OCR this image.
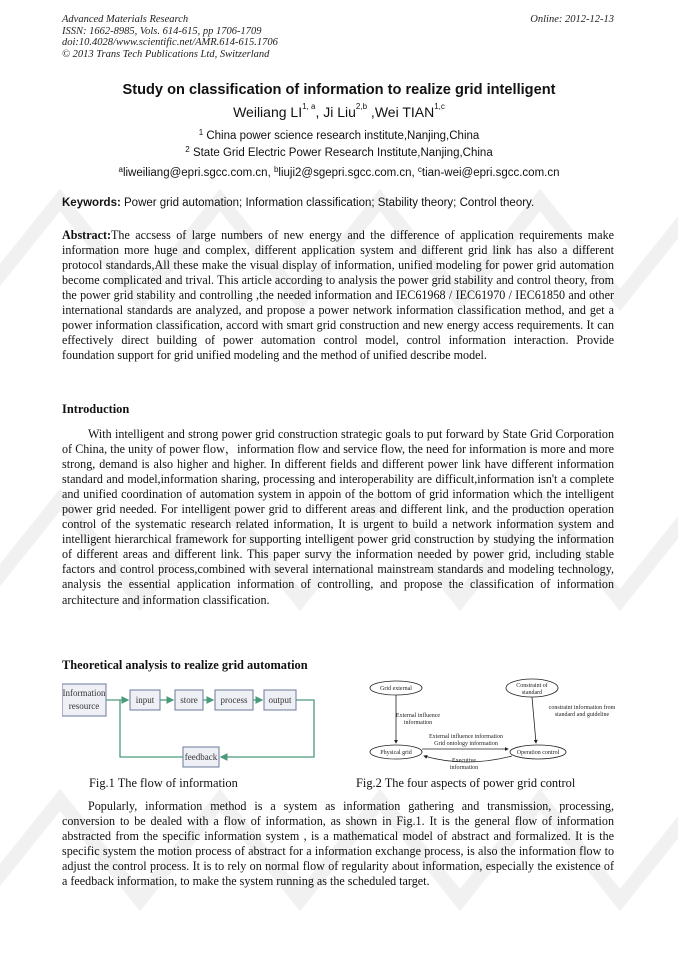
Advanced Materials Research
ISSN: 1662-8985, Vols. 614-615, pp 1706-1709
doi:10.4028/www.scientific.net/AMR.614-615.1706
© 2013 Trans Tech Publications Ltd, Switzerland
Online: 2012-12-13
Study on classification of information to realize grid intelligent
Weiliang LI$^{1, a}$, Ji Liu$^{2,b}$ ,Wei TIAN$^{1,c}$
$^1$ China power science research institute,Nanjing,China
$^2$ State Grid Electric Power Research Institute,Nanjing,China
$^a$liweiliang@epri.sgcc.com.cn, $^b$liuji2@sgepri.sgcc.com.cn, $^c$tian-wei@epri.sgcc.com.cn
Keywords: Power grid automation; Information classification; Stability theory; Control theory.
Abstract:The accsess of large numbers of new energy and the difference of application requirements make information more huge and complex, different application system and different grid link has also a different protocol standards,All these make the visual display of information, unified modeling for power grid automation become complicated and trival. This article according to analysis the power grid stability and control theory, from the power grid stability and controlling ,the needed information and IEC61968 / IEC61970 / IEC61850 and other international standards are analyzed, and propose a power network information classification method, and get a power information classification, accord with smart grid construction and new energy access requirements. It can effectively direct building of power automation control model, control information interaction. Provide foundation support for grid unified modeling and the method of unified describe model.
Introduction
With intelligent and strong power grid construction strategic goals to put forward by State Grid Corporation of China, the unity of power flow，information flow and service flow, the need for information is more and more strong, demand is also higher and higher. In different fields and different power link have different information standard and model,information sharing, processing and interoperability are difficult,information isn't a complete and unified coordination of automation system in appoin of the bottom of grid information which the intelligent power grid needed. For intelligent power grid to different areas and different link, and the production operation control of the systematic research related information, It is urgent to build a network information system and intelligent hierarchical framework for supporting intelligent power grid construction by studying the information of different areas and different link. This paper survy the information needed by power grid, including stable factors and control process,combined with several international mainstream standards and modeling technology, analysis the essential application information of controlling, and propose the classification of information architecture and information classification.
Theoretical analysis to realize grid automation
Information
resource
input	store	process output
feedback
Grid external	Constraint of
standard
Physical grid	Operation control
External influence
information
constraint information from
standard and guideline
External influence information
Grid ontology information
Executive
information
Fig.1 The flow of information	Fig.2 The four aspects of power grid control
Popularly, information method is a system as information gathering and transmission, processing, conversion to be dealed with a flow of information, as shown in Fig.1. It is the general flow of information abstracted from the specific information system , is a mathematical model of abstract and formalized. It is the specific system the motion process of abstract for a information exchange process, is also the information flow to adjust the control process. It is to rely on normal flow of regularity about information, especially the existence of a feedback information, to make the system running as the scheduled target.
